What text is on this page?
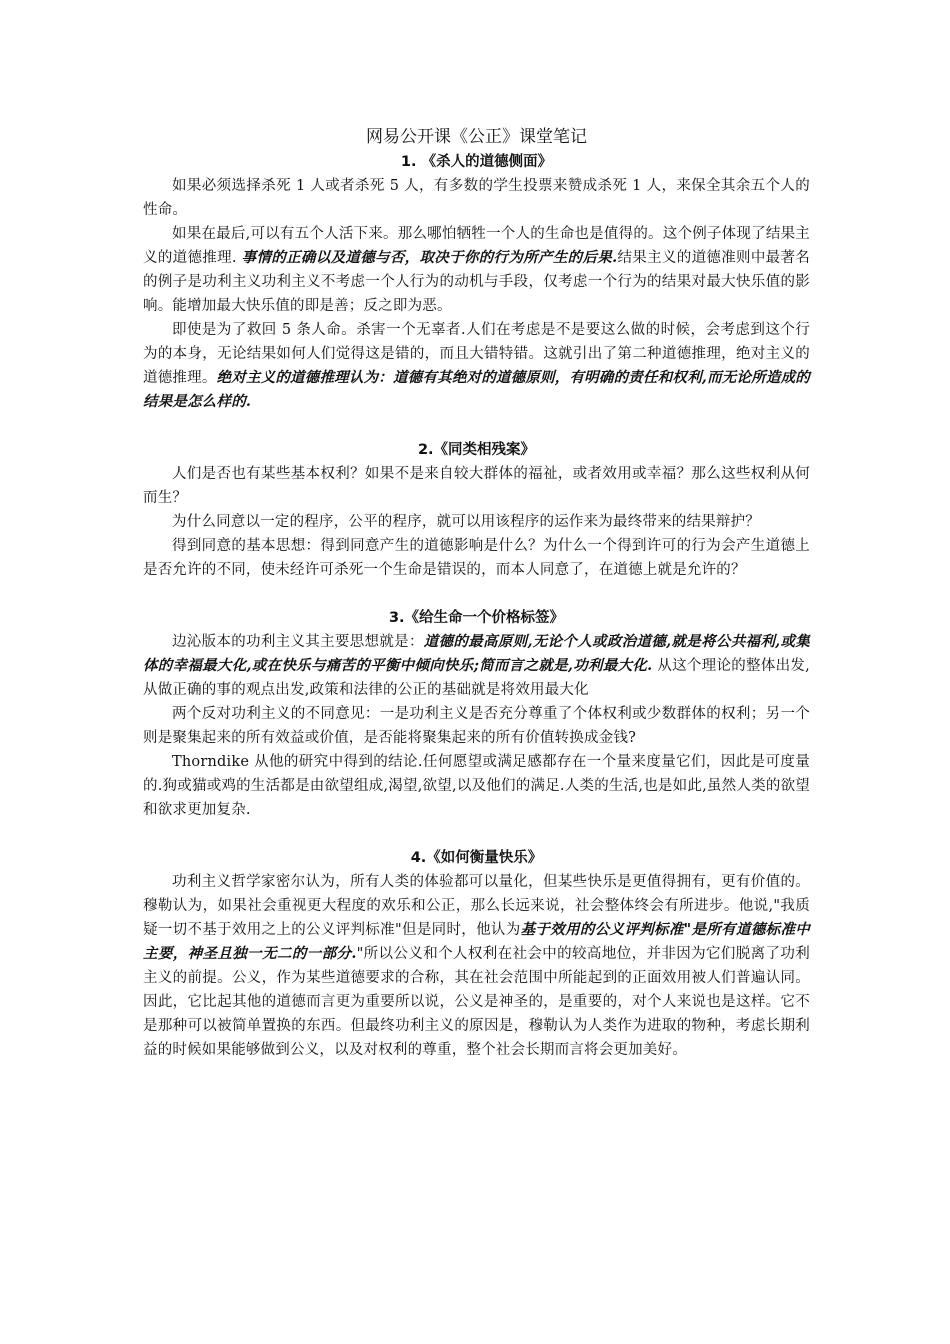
网易公开课《公正》课堂笔记
1. 《杀人的道德侧面》

如果必须选择杀死 1 人或者杀死 5 人，有多数的学生投票来赞成杀死 1 人，来保全其余五个人的性命。

如果在最后,可以有五个人活下来。那么哪怕牺牲一个人的生命也是值得的。这个例子体现了结果主义的道德推理. 事情的正确以及道德与否，取决于你的行为所产生的后果.结果主义的道德准则中最著名的例子是功利主义功利主义不考虑一个人行为的动机与手段，仅考虑一个行为的结果对最大快乐值的影响。能增加最大快乐值的即是善；反之即为恶。

即使是为了救回 5 条人命。杀害一个无辜者.人们在考虑是不是要这么做的时候，会考虑到这个行为的本身，无论结果如何人们觉得这是错的，而且大错特错。这就引出了第二种道德推理，绝对主义的道德推理。绝对主义的道德推理认为：道德有其绝对的道德原则，有明确的责任和权利,而无论所造成的结果是怎么样的.

2.《同类相残案》

人们是否也有某些基本权利？如果不是来自较大群体的福祉，或者效用或幸福？那么这些权利从何而生？

为什么同意以一定的程序，公平的程序，就可以用该程序的运作来为最终带来的结果辩护？

得到同意的基本思想：得到同意产生的道德影响是什么？为什么一个得到许可的行为会产生道德上是否允许的不同，使未经许可杀死一个生命是错误的，而本人同意了，在道德上就是允许的？

3.《给生命一个价格标签》

边沁版本的功利主义其主要思想就是：道德的最高原则,无论个人或政治道德,就是将公共福利,或集体的幸福最大化,或在快乐与痛苦的平衡中倾向快乐;简而言之就是,功利最大化. 从这个理论的整体出发,从做正确的事的观点出发,政策和法律的公正的基础就是将效用最大化

两个反对功利主义的不同意见：一是功利主义是否充分尊重了个体权利或少数群体的权利；另一个则是聚集起来的所有效益或价值，是否能将聚集起来的所有价值转换成金钱?

Thorndike 从他的研究中得到的结论.任何愿望或满足感都存在一个量来度量它们，因此是可度量的.狗或猫或鸡的生活都是由欲望组成,渴望,欲望,以及他们的满足.人类的生活,也是如此,虽然人类的欲望和欲求更加复杂.

4.《如何衡量快乐》

功利主义哲学家密尔认为，所有人类的体验都可以量化，但某些快乐是更值得拥有，更有价值的。穆勒认为，如果社会重视更大程度的欢乐和公正，那么长远来说，社会整体终会有所进步。他说,"我质疑一切不基于效用之上的公义评判标准"但是同时，他认为基于效用的公义评判标准"是所有道德标准中主要，神圣且独一无二的一部分."所以公义和个人权利在社会中的较高地位，并非因为它们脱离了功利主义的前提。公义，作为某些道德要求的合称，其在社会范围中所能起到的正面效用被人们普遍认同。因此，它比起其他的道德而言更为重要所以说，公义是神圣的，是重要的，对个人来说也是这样。它不是那种可以被简单置换的东西。但最终功利主义的原因是，穆勒认为人类作为进取的物种，考虑长期利益的时候如果能够做到公义，以及对权利的尊重，整个社会长期而言将会更加美好。
